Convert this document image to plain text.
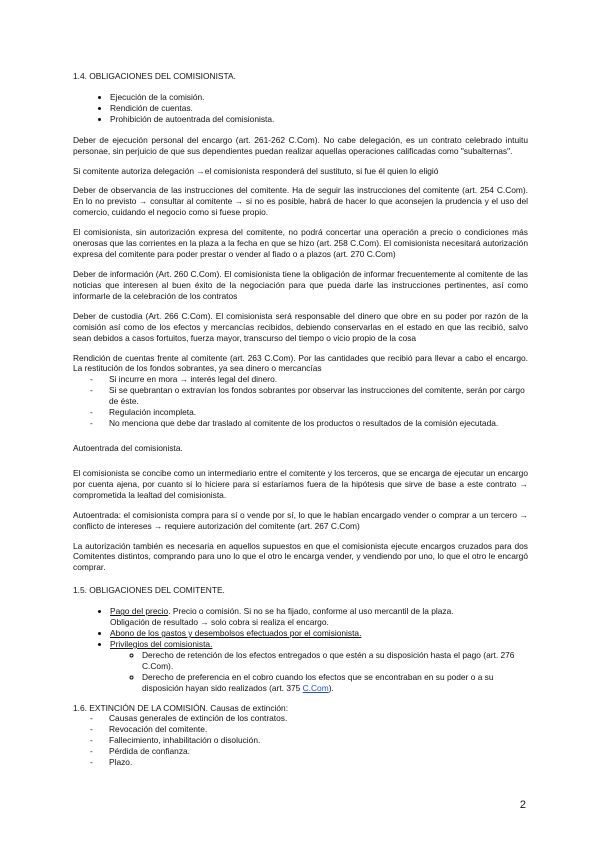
1.4. OBLIGACIONES DEL COMISIONISTA.
• Ejecución de la comisión.
• Rendición de cuentas.
• Prohibición de autoentrada del comisionista.

Deber de ejecución personal del encargo (art. 261-262 C.Com). No cabe delegación, es un contrato celebrado intuitu personae, sin perjuicio de que sus dependientes puedan realizar aquellas operaciones calificadas como "subalternas".

Si comitente autoriza delegación →el comisionista responderá del sustituto, si fue él quien lo eligió

Deber de observancia de las instrucciones del comitente. Ha de seguir las instrucciones del comitente (art. 254 C.Com). En lo no previsto → consultar al comitente → si no es posible, habrá de hacer lo que aconsejen la prudencia y el uso del comercio, cuidando el negocio como si fuese propio.

El comisionista, sin autorización expresa del comitente, no podrá concertar una operación a precio o condiciones más onerosas que las corrientes en la plaza a la fecha en que se hizo (art. 258 C.Com). El comisionista necesitará autorización expresa del comitente para poder prestar o vender al fiado o a plazos (art. 270 C.Com)

Deber de información (Art. 260 C.Com). El comisionista tiene la obligación de informar frecuentemente al comitente de las noticias que interesen al buen éxito de la negociación para que pueda darle las instrucciones pertinentes, así como informarle de la celebración de los contratos

Deber de custodia (Art. 266 C.Com). El comisionista será responsable del dinero que obre en su poder por razón de la comisión así como de los efectos y mercancías recibidos, debiendo conservarlas en el estado en que las recibió, salvo sean debidos a casos fortuitos, fuerza mayor, transcurso del tiempo o vicio propio de la cosa

Rendición de cuentas frente al comitente (art. 263 C.Com). Por las cantidades que recibió para llevar a cabo el encargo. La restitución de los fondos sobrantes, ya sea dinero o mercancías

- Si incurre en mora → interés legal del dinero.
- Si se quebrantan o extravían los fondos sobrantes por observar las instrucciones del comitente, serán por cargo de éste.
- Regulación incompleta.
- No menciona que debe dar traslado al comitente de los productos o resultados de la comisión ejecutada.

Autoentrada del comisionista.

El comisionista se concibe como un intermediario entre el comitente y los terceros, que se encarga de ejecutar un encargo por cuenta ajena, por cuanto si lo hiciere para sí estaríamos fuera de la hipótesis que sirve de base a este contrato → comprometida la lealtad del comisionista.

Autoentrada: el comisionista compra para sí o vende por sí, lo que le habían encargado vender o comprar a un tercero → conflicto de intereses → requiere autorización del comitente (art. 267 C.Com)

La autorización también es necesaria en aquellos supuestos en que el comisionista ejecute encargos cruzados para dos Comitentes distintos, comprando para uno lo que el otro le encarga vender, y vendiendo por uno, lo que el otro le encargó comprar.

1.5. OBLIGACIONES DEL COMITENTE.
• Pago del precio. Precio o comisión. Si no se ha fijado, conforme al uso mercantil de la plaza.
Obligación de resultado → solo cobra si realiza el encargo.
• Abono de los gastos y desembolsos efectuados por el comisionista.
• Privilegios del comisionista.
◦ Derecho de retención de los efectos entregados o que estén a su disposición hasta el pago (art. 276 C.Com).
◦ Derecho de preferencia en el cobro cuando los efectos que se encontraban en su poder o a su disposición hayan sido realizados (art. 375 C.Com).
1.6. EXTINCIÓN DE LA COMISIÓN. Causas de extinción:
- Causas generales de extinción de los contratos.
- Revocación del comitente.
- Fallecimiento, inhabilitación o disolución.
- Pérdida de confianza.
- Plazo.
2
